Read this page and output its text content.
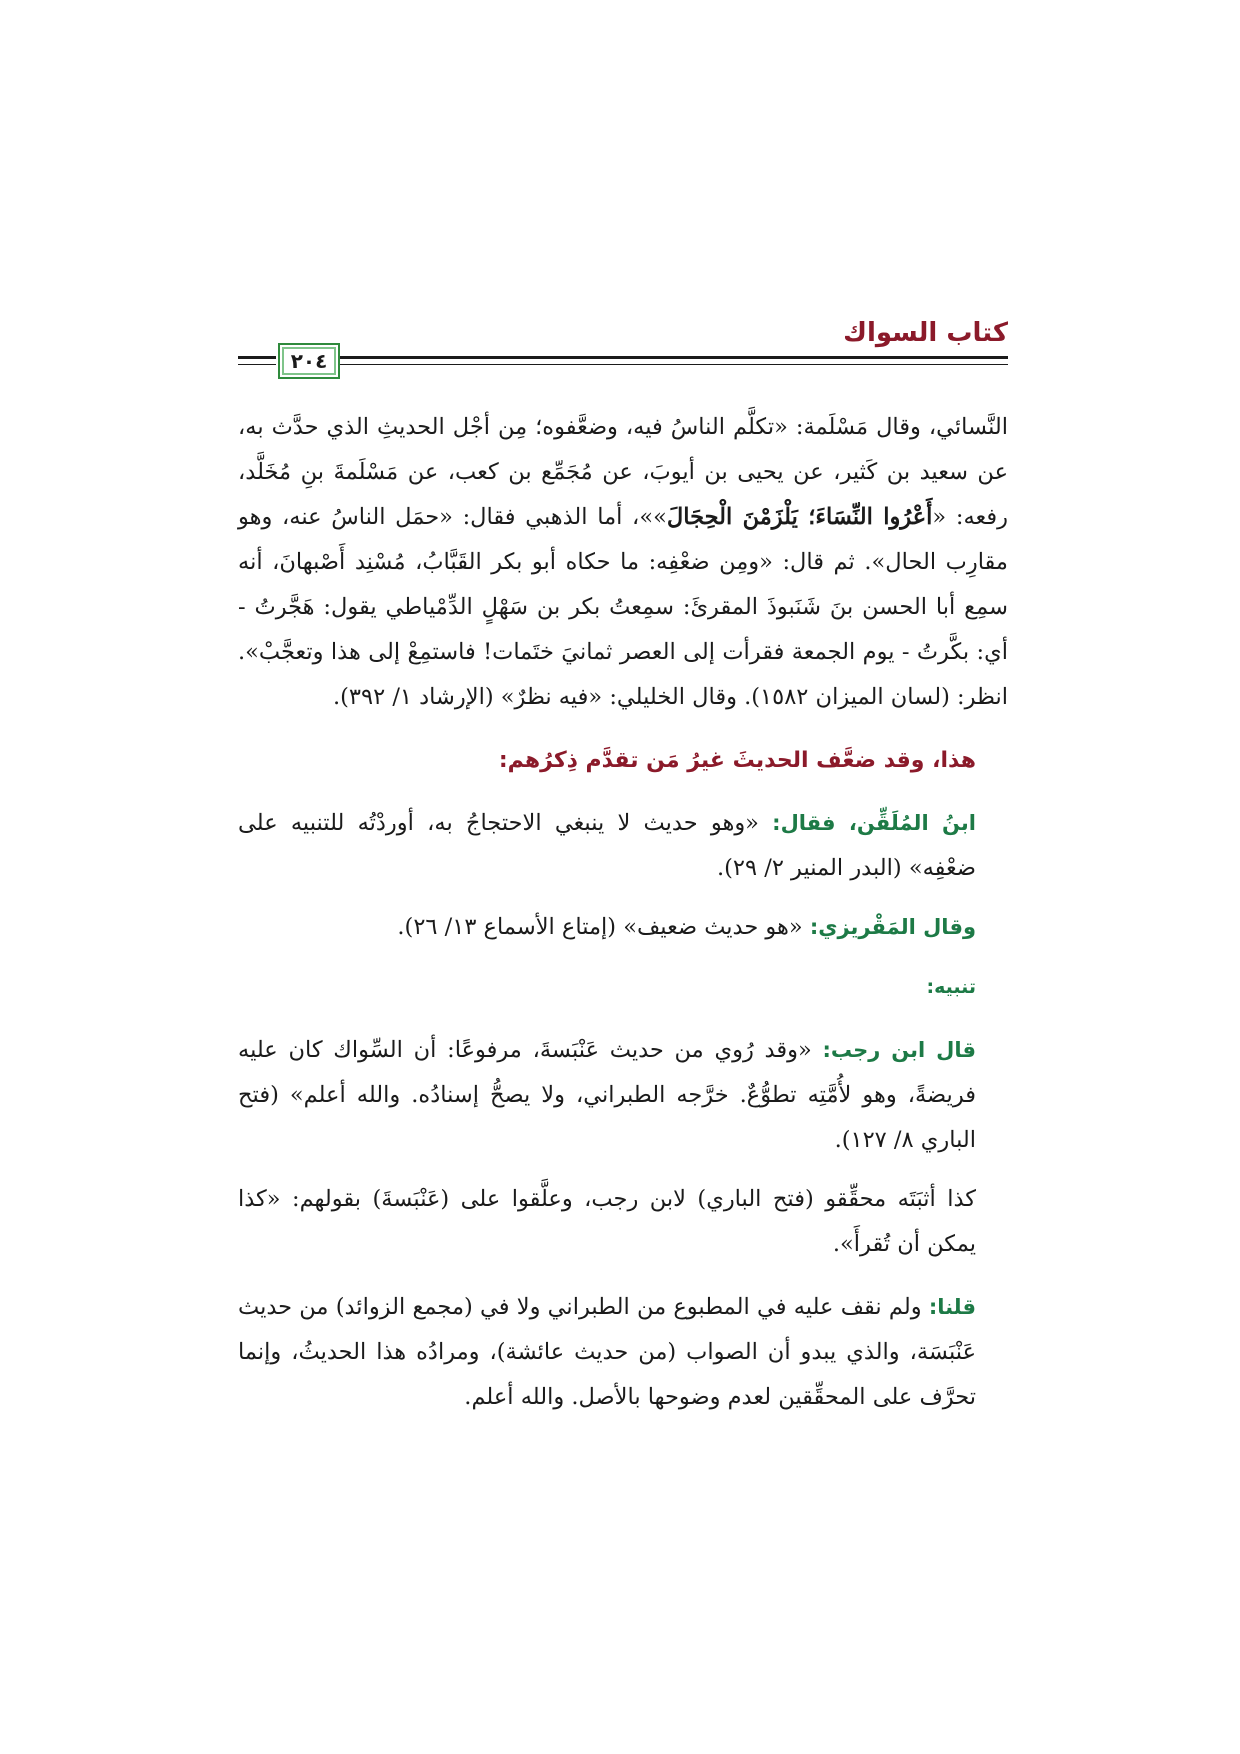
كتاب السواك
٢٠٤

النَّسائي، وقال مَسْلَمة: «تكلَّم الناسُ فيه، وضعَّفوه؛ مِن أجْل الحديثِ الذي حدَّث به، عن سعيد بن كَثير، عن يحيى بن أيوبَ، عن مُجَمِّع بن كعب، عن مَسْلَمةَ بنِ مُخَلَّد، رفعه: «أَعْرُوا النِّسَاءَ؛ يَلْزَمْنَ الْحِجَالَ»»، أما الذهبي فقال: «حمَل الناسُ عنه، وهو مقارِب الحال». ثم قال: «ومِن ضعْفِه: ما حكاه أبو بكر القَبَّابُ، مُسْنِد أَصْبهانَ، أنه سمِع أبا الحسن بنَ شَنَبوذَ المقرئَ: سمِعتُ بكر بن سَهْلٍ الدِّمْياطي يقول: هَجَّرتُ - أي: بكَّرتُ - يوم الجمعة فقرأت إلى العصر ثمانيَ ختَمات! فاستمِعْ إلى هذا وتعجَّبْ». انظر: (لسان الميزان ١٥٨٢). وقال الخليلي: «فيه نظرٌ» (الإرشاد ١/ ٣٩٢).

هذا، وقد ضعَّف الحديثَ غيرُ مَن تقدَّم ذِكرُهم:

ابنُ المُلَقِّن، فقال: «وهو حديث لا ينبغي الاحتجاجُ به، أوردْتُه للتنبيه على ضعْفِه» (البدر المنير ٢/ ٢٩).

وقال المَقْريزي: «هو حديث ضعيف» (إمتاع الأسماع ١٣/ ٢٦).

تنبيه:

قال ابن رجب: «وقد رُوي من حديث عَنْبَسةَ، مرفوعًا: أن السِّواك كان عليه فريضةً، وهو لأُمَّتِه تطوُّعٌ. خرَّجه الطبراني، ولا يصحُّ إسنادُه. والله أعلم» (فتح الباري ٨/ ١٢٧).

كذا أثبَتَه محقِّقو (فتح الباري) لابن رجب، وعلَّقوا على (عَنْبَسةَ) بقولهم: «كذا يمكن أن تُقرأَ».

قلنا: ولم نقف عليه في المطبوع من الطبراني ولا في (مجمع الزوائد) من حديث عَنْبَسَة، والذي يبدو أن الصواب (من حديث عائشة)، ومرادُه هذا الحديثُ، وإنما تحرَّف على المحقِّقين لعدم وضوحها بالأصل. والله أعلم.
